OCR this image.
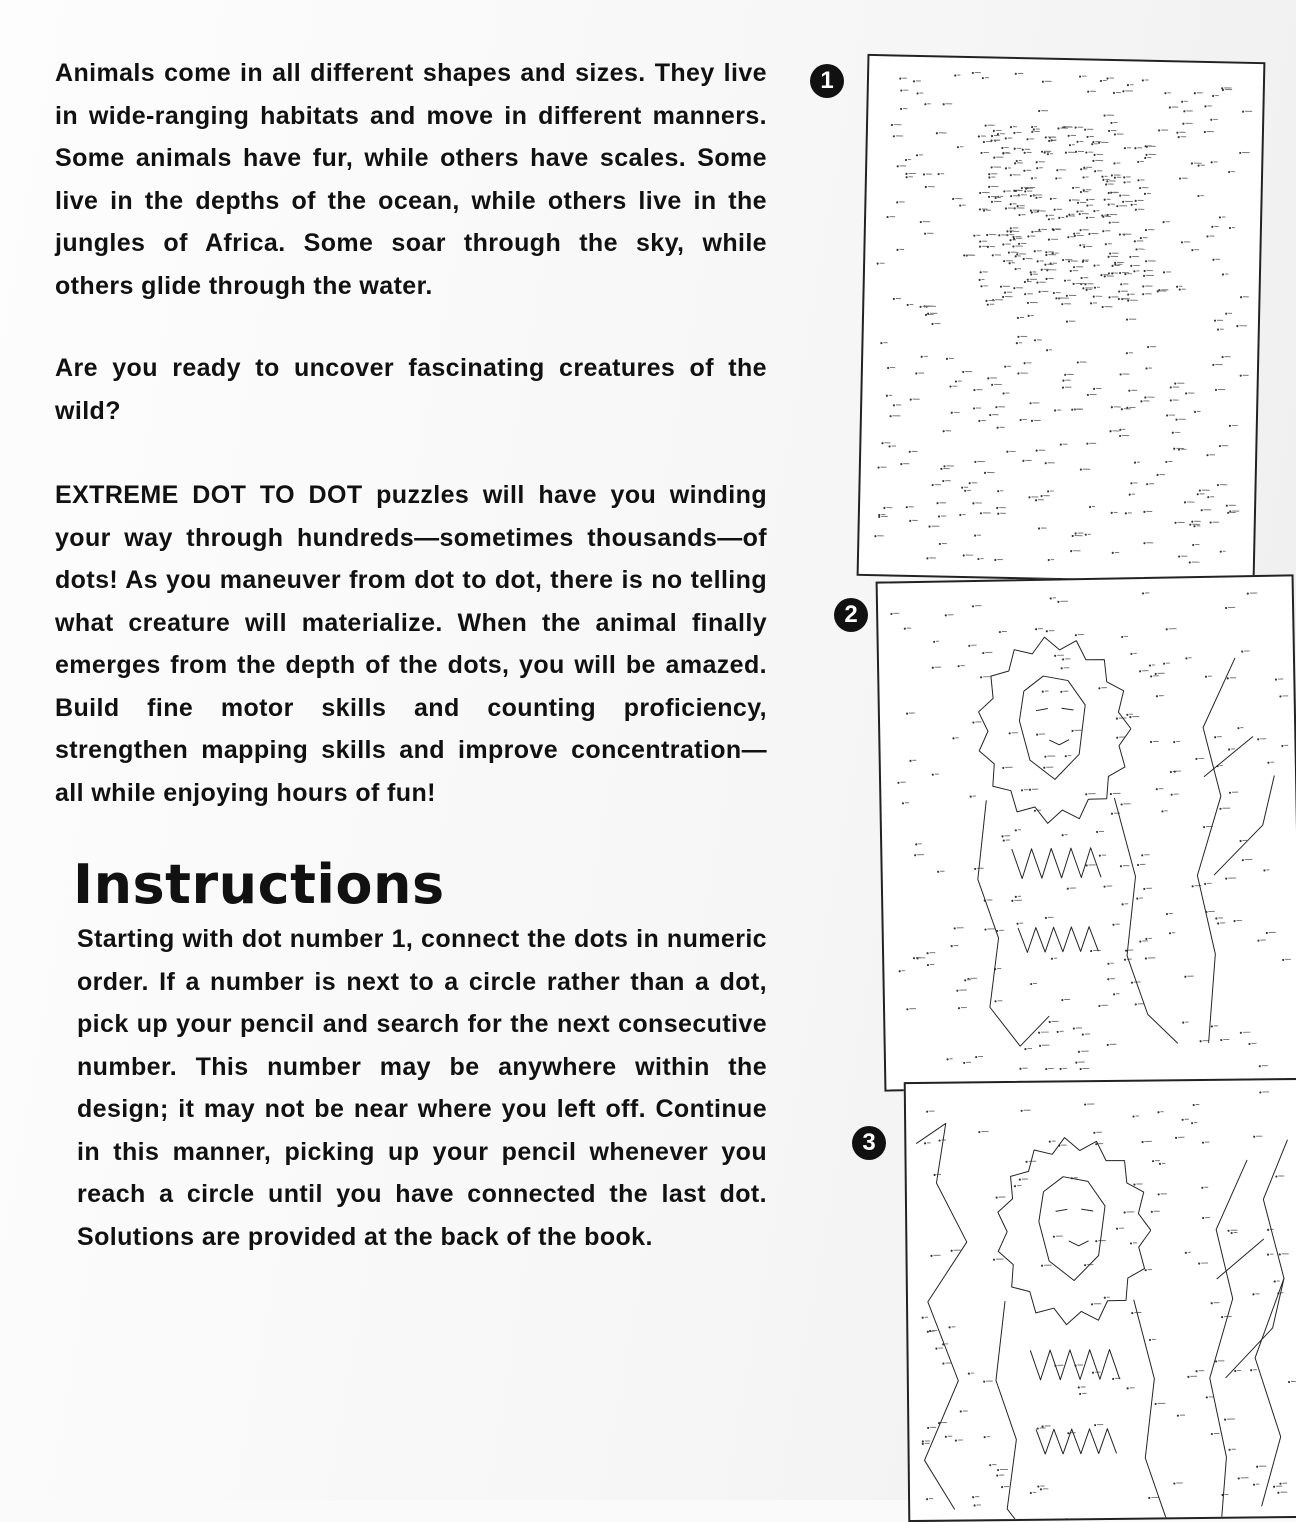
Animals come in all different shapes and sizes. They live in wide-ranging habitats and move in different manners. Some animals have fur, while others have scales. Some live in the depths of the ocean, while others live in the jungles of Africa. Some soar through the sky, while others glide through the water.

Are you ready to uncover fascinating creatures of the wild?

EXTREME DOT TO DOT puzzles will have you winding your way through hundreds—sometimes thousands—of dots! As you maneuver from dot to dot, there is no telling what creature will materialize. When the animal finally emerges from the depth of the dots, you will be amazed. Build fine motor skills and counting proficiency, strengthen mapping skills and improve concentration—all while enjoying hours of fun!

Instructions

Starting with dot number 1, connect the dots in numeric order. If a number is next to a circle rather than a dot, pick up your pencil and search for the next consecutive number. This number may be anywhere within the design; it may not be near where you left off. Continue in this manner, picking up your pencil whenever you reach a circle until you have connected the last dot. Solutions are provided at the back of the book.

1
2
3
